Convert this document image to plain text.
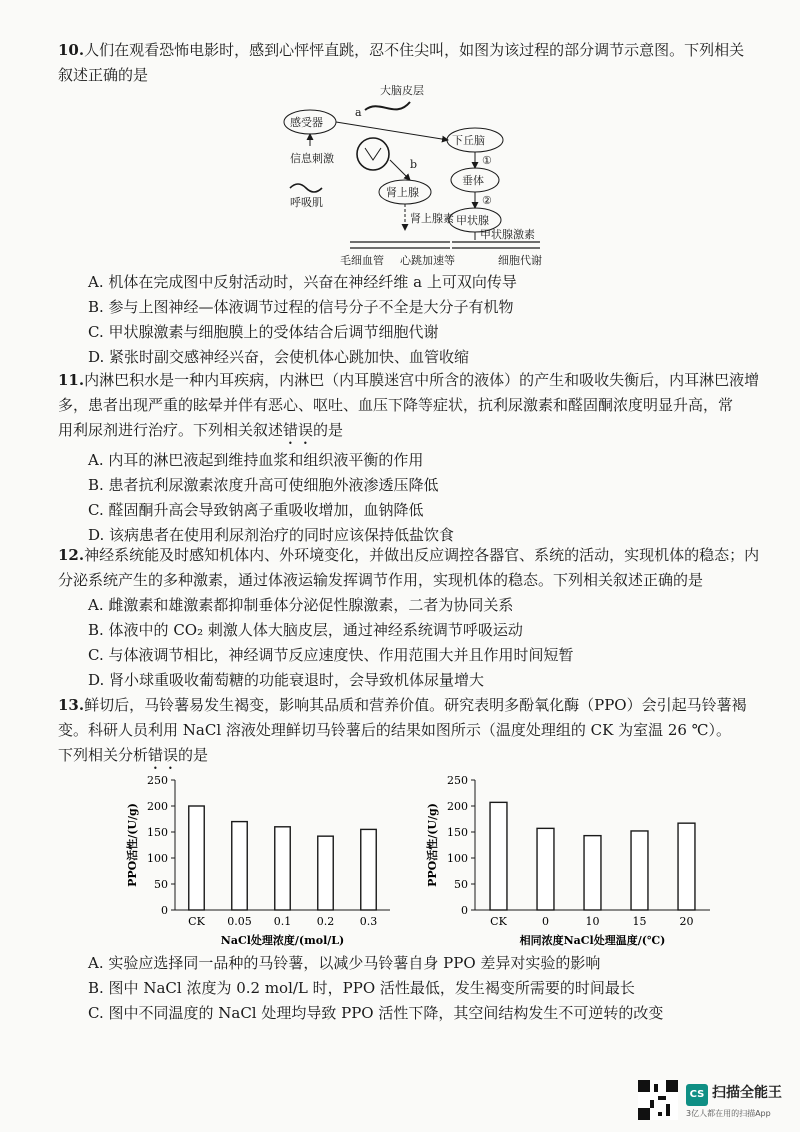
10.人们在观看恐怖电影时，感到心怦怦直跳，忍不住尖叫，如图为该过程的部分调节示意图。下列相关

叙述正确的是

A. 机体在完成图中反射活动时，兴奋在神经纤维 a 上可双向传导

B. 参与上图神经—体液调节过程的信号分子不全是大分子有机物

C. 甲状腺激素与细胞膜上的受体结合后调节细胞代谢

D. 紧张时副交感神经兴奋，会使机体心跳加快、血管收缩

大脑皮层
感受器
a
信息刺激
下丘脑
①
垂体
②
甲状腺
b
肾上腺
呼吸肌
肾上腺素
甲状腺激素
毛细血管 心跳加速等	细胞代谢

11.内淋巴积水是一种内耳疾病，内淋巴（内耳膜迷宫中所含的液体）的产生和吸收失衡后，内耳淋巴液增

多，患者出现严重的眩晕并伴有恶心、呕吐、血压下降等症状，抗利尿激素和醛固酮浓度明显升高，常

用利尿剂进行治疗。下列相关叙述错误的是

A. 内耳的淋巴液起到维持血浆和组织液平衡的作用

B. 患者抗利尿激素浓度升高可使细胞外液渗透压降低

C. 醛固酮升高会导致钠离子重吸收增加，血钠降低

D. 该病患者在使用利尿剂治疗的同时应该保持低盐饮食

12.神经系统能及时感知机体内、外环境变化，并做出反应调控各器官、系统的活动，实现机体的稳态；内

分泌系统产生的多种激素，通过体液运输发挥调节作用，实现机体的稳态。下列相关叙述正确的是

A. 雌激素和雄激素都抑制垂体分泌促性腺激素，二者为协同关系

B. 体液中的 CO₂ 刺激人体大脑皮层，通过神经系统调节呼吸运动

C. 与体液调节相比，神经调节反应速度快、作用范围大并且作用时间短暂

D. 肾小球重吸收葡萄糖的功能衰退时，会导致机体尿量增大

13.鲜切后，马铃薯易发生褐变，影响其品质和营养价值。研究表明多酚氧化酶（PPO）会引起马铃薯褐

变。科研人员利用 NaCl 溶液处理鲜切马铃薯后的结果如图所示（温度处理组的 CK 为室温 26 ℃）。

下列相关分析错误的是

A. 实验应选择同一品种的马铃薯，以减少马铃薯自身 PPO 差异对实验的影响

B. 图中 NaCl 浓度为 0.2 mol/L 时，PPO 活性最低，发生褐变所需要的时间最长

C. 图中不同温度的 NaCl 处理均导致 PPO 活性下降，其空间结构发生不可逆转的改变

0
50
100
150
200
250
PPO活性/(U/g)
CK 0.05 0.1 0.2 0.3
NaCl处理浓度/(mol/L)
0
50
100
150
200
250
PPO活性/(U/g)
CK	0	10	15	20
相同浓度NaCl处理温度/(℃)
CS 扫描全能王
3亿人都在用的扫描App
